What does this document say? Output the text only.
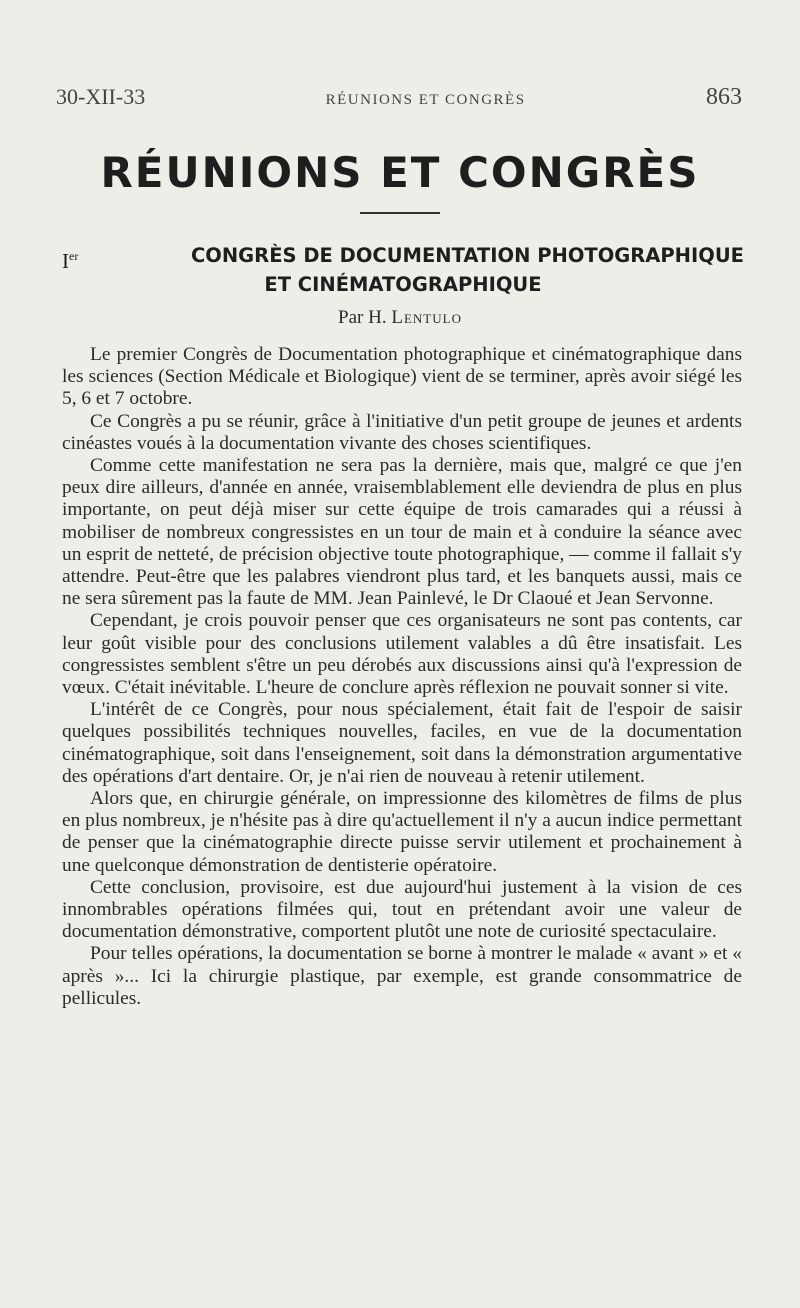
30-XII-33	RÉUNIONS ET CONGRÈS	863
RÉUNIONS ET CONGRÈS
Ier	CONGRÈS DE DOCUMENTATION PHOTOGRAPHIQUE
ET CINÉMATOGRAPHIQUE
Par H. Lentulo

Le premier Congrès de Documentation photographique et cinématographique dans les sciences (Section Médicale et Biologique) vient de se terminer, après avoir siégé les 5, 6 et 7 octobre.

Ce Congrès a pu se réunir, grâce à l'initiative d'un petit groupe de jeunes et ardents cinéastes voués à la documentation vivante des choses scientifiques.

Comme cette manifestation ne sera pas la dernière, mais que, malgré ce que j'en peux dire ailleurs, d'année en année, vraisemblablement elle deviendra de plus en plus importante, on peut déjà miser sur cette équipe de trois camarades qui a réussi à mobiliser de nombreux congressistes en un tour de main et à conduire la séance avec un esprit de netteté, de précision objective toute photographique, — comme il fallait s'y attendre. Peut-être que les palabres viendront plus tard, et les banquets aussi, mais ce ne sera sûrement pas la faute de MM. Jean Painlevé, le Dr Claoué et Jean Servonne.

Cependant, je crois pouvoir penser que ces organisateurs ne sont pas contents, car leur goût visible pour des conclusions utilement valables a dû être insatisfait. Les congressistes semblent s'être un peu dérobés aux discussions ainsi qu'à l'expression de vœux. C'était inévitable. L'heure de conclure après réflexion ne pouvait sonner si vite.

L'intérêt de ce Congrès, pour nous spécialement, était fait de l'espoir de saisir quelques possibilités techniques nouvelles, faciles, en vue de la documentation cinématographique, soit dans l'enseignement, soit dans la démonstration argumentative des opérations d'art dentaire. Or, je n'ai rien de nouveau à retenir utilement.

Alors que, en chirurgie générale, on impressionne des kilomètres de films de plus en plus nombreux, je n'hésite pas à dire qu'actuellement il n'y a aucun indice permettant de penser que la cinématographie directe puisse servir utilement et prochainement à une quelconque démonstration de dentisterie opératoire.

Cette conclusion, provisoire, est due aujourd'hui justement à la vision de ces innombrables opérations filmées qui, tout en prétendant avoir une valeur de documentation démonstrative, comportent plutôt une note de curiosité spectaculaire.

Pour telles opérations, la documentation se borne à montrer le malade « avant » et « après »... Ici la chirurgie plastique, par exemple, est grande consommatrice de pellicules.
